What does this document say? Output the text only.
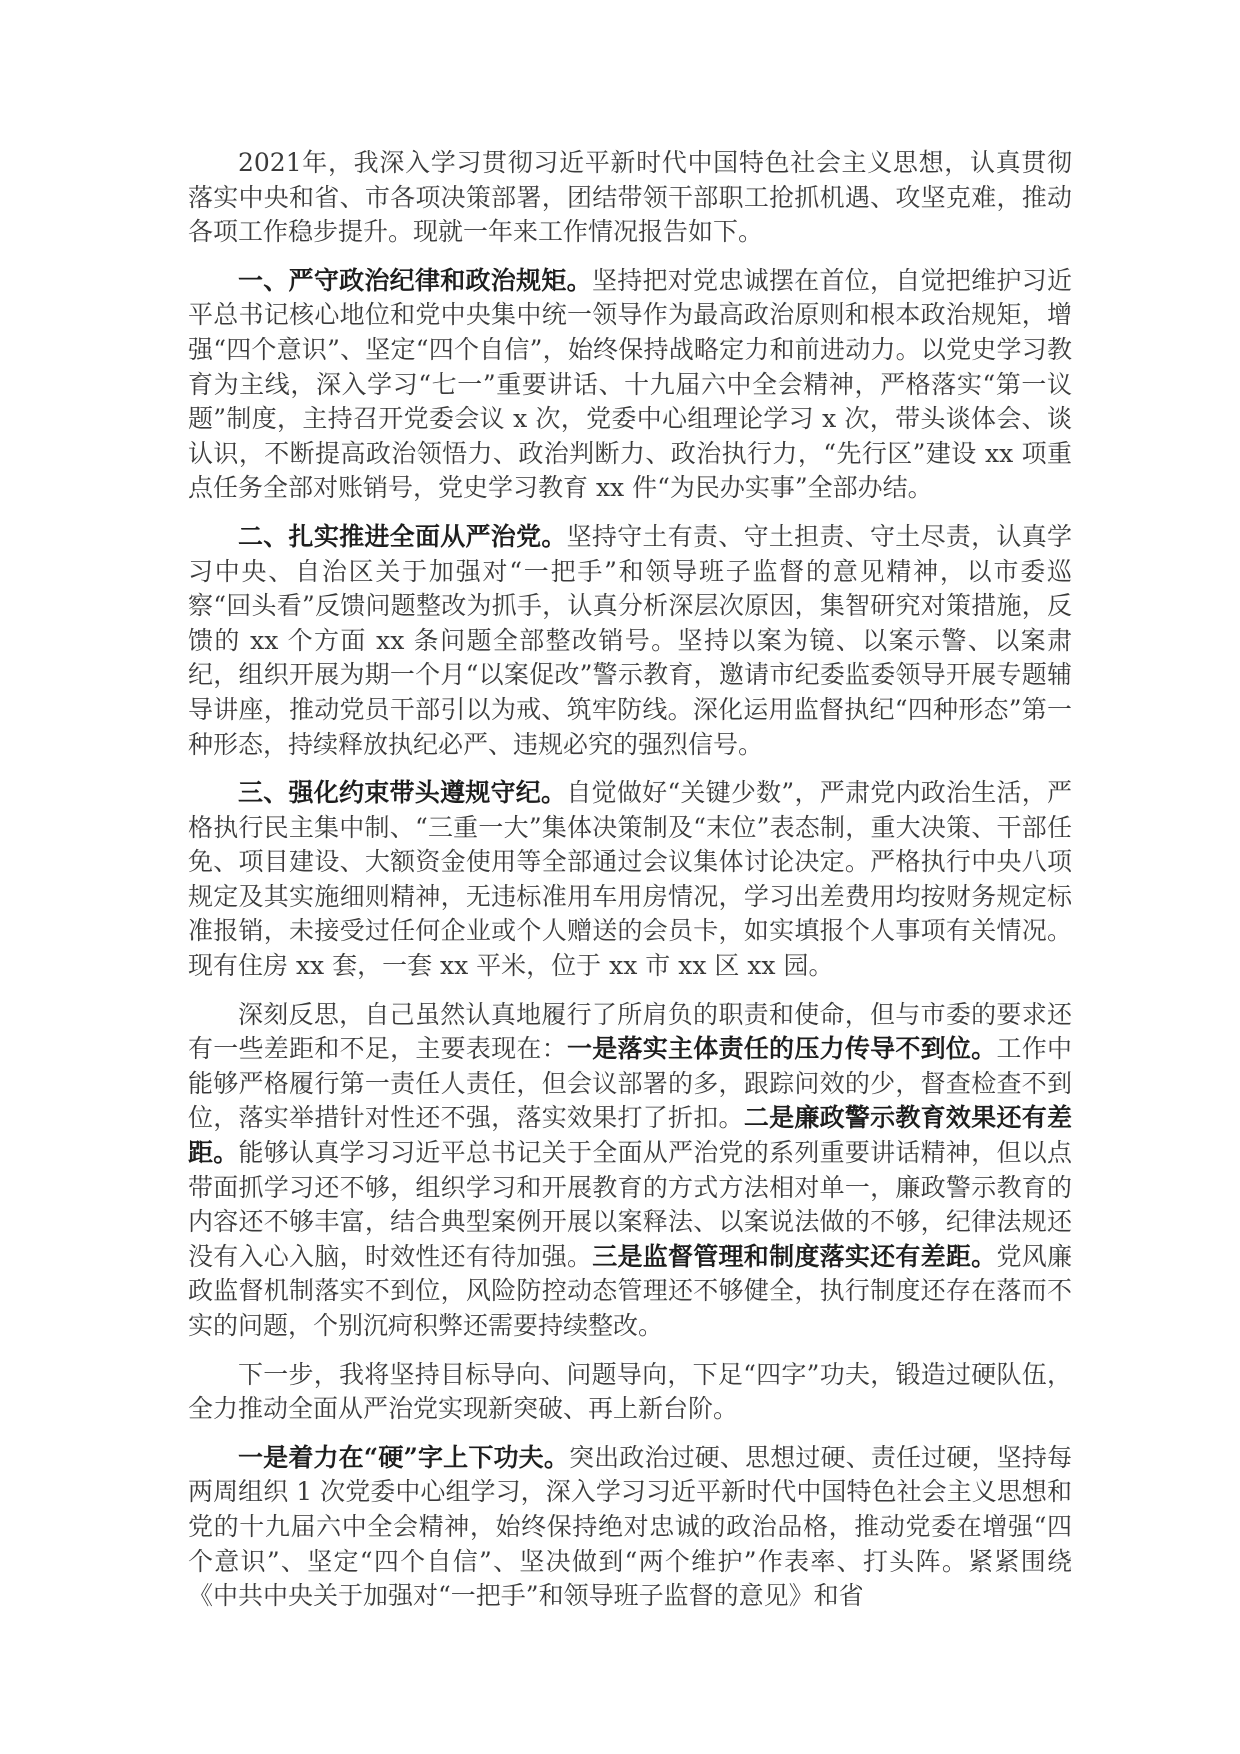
2021年，我深入学习贯彻习近平新时代中国特色社会主义思想，认真贯彻落实中央和省、市各项决策部署，团结带领干部职工抢抓机遇、攻坚克难，推动各项工作稳步提升。现就一年来工作情况报告如下。

一、严守政治纪律和政治规矩。坚持把对党忠诚摆在首位，自觉把维护习近平总书记核心地位和党中央集中统一领导作为最高政治原则和根本政治规矩，增强“四个意识”、坚定“四个自信”，始终保持战略定力和前进动力。以党史学习教育为主线，深入学习“七一”重要讲话、十九届六中全会精神，严格落实“第一议题”制度，主持召开党委会议 x 次，党委中心组理论学习 x 次，带头谈体会、谈认识，不断提高政治领悟力、政治判断力、政治执行力，“先行区”建设 xx 项重点任务全部对账销号，党史学习教育 xx 件“为民办实事”全部办结。

二、扎实推进全面从严治党。坚持守土有责、守土担责、守土尽责，认真学习中央、自治区关于加强对“一把手”和领导班子监督的意见精神，以市委巡察“回头看”反馈问题整改为抓手，认真分析深层次原因，集智研究对策措施，反馈的 xx 个方面 xx 条问题全部整改销号。坚持以案为镜、以案示警、以案肃纪，组织开展为期一个月“以案促改”警示教育，邀请市纪委监委领导开展专题辅导讲座，推动党员干部引以为戒、筑牢防线。深化运用监督执纪“四种形态”第一种形态，持续释放执纪必严、违规必究的强烈信号。

三、强化约束带头遵规守纪。自觉做好“关键少数”，严肃党内政治生活，严格执行民主集中制、“三重一大”集体决策制及“末位”表态制，重大决策、干部任免、项目建设、大额资金使用等全部通过会议集体讨论决定。严格执行中央八项规定及其实施细则精神，无违标准用车用房情况，学习出差费用均按财务规定标准报销，未接受过任何企业或个人赠送的会员卡，如实填报个人事项有关情况。现有住房 xx 套，一套 xx 平米，位于 xx 市 xx 区 xx 园。

深刻反思，自己虽然认真地履行了所肩负的职责和使命，但与市委的要求还有一些差距和不足，主要表现在：一是落实主体责任的压力传导不到位。工作中能够严格履行第一责任人责任，但会议部署的多，跟踪问效的少，督查检查不到位，落实举措针对性还不强，落实效果打了折扣。二是廉政警示教育效果还有差距。能够认真学习习近平总书记关于全面从严治党的系列重要讲话精神，但以点带面抓学习还不够，组织学习和开展教育的方式方法相对单一，廉政警示教育的内容还不够丰富，结合典型案例开展以案释法、以案说法做的不够，纪律法规还没有入心入脑，时效性还有待加强。三是监督管理和制度落实还有差距。党风廉政监督机制落实不到位，风险防控动态管理还不够健全，执行制度还存在落而不实的问题，个别沉疴积弊还需要持续整改。

下一步，我将坚持目标导向、问题导向，下足“四字”功夫，锻造过硬队伍，全力推动全面从严治党实现新突破、再上新台阶。

一是着力在“硬”字上下功夫。突出政治过硬、思想过硬、责任过硬，坚持每两周组织 1 次党委中心组学习，深入学习习近平新时代中国特色社会主义思想和党的十九届六中全会精神，始终保持绝对忠诚的政治品格，推动党委在增强“四个意识”、坚定“四个自信”、坚决做到“两个维护”作表率、打头阵。紧紧围绕《中共中央关于加强对“一把手”和领导班子监督的意见》和省
